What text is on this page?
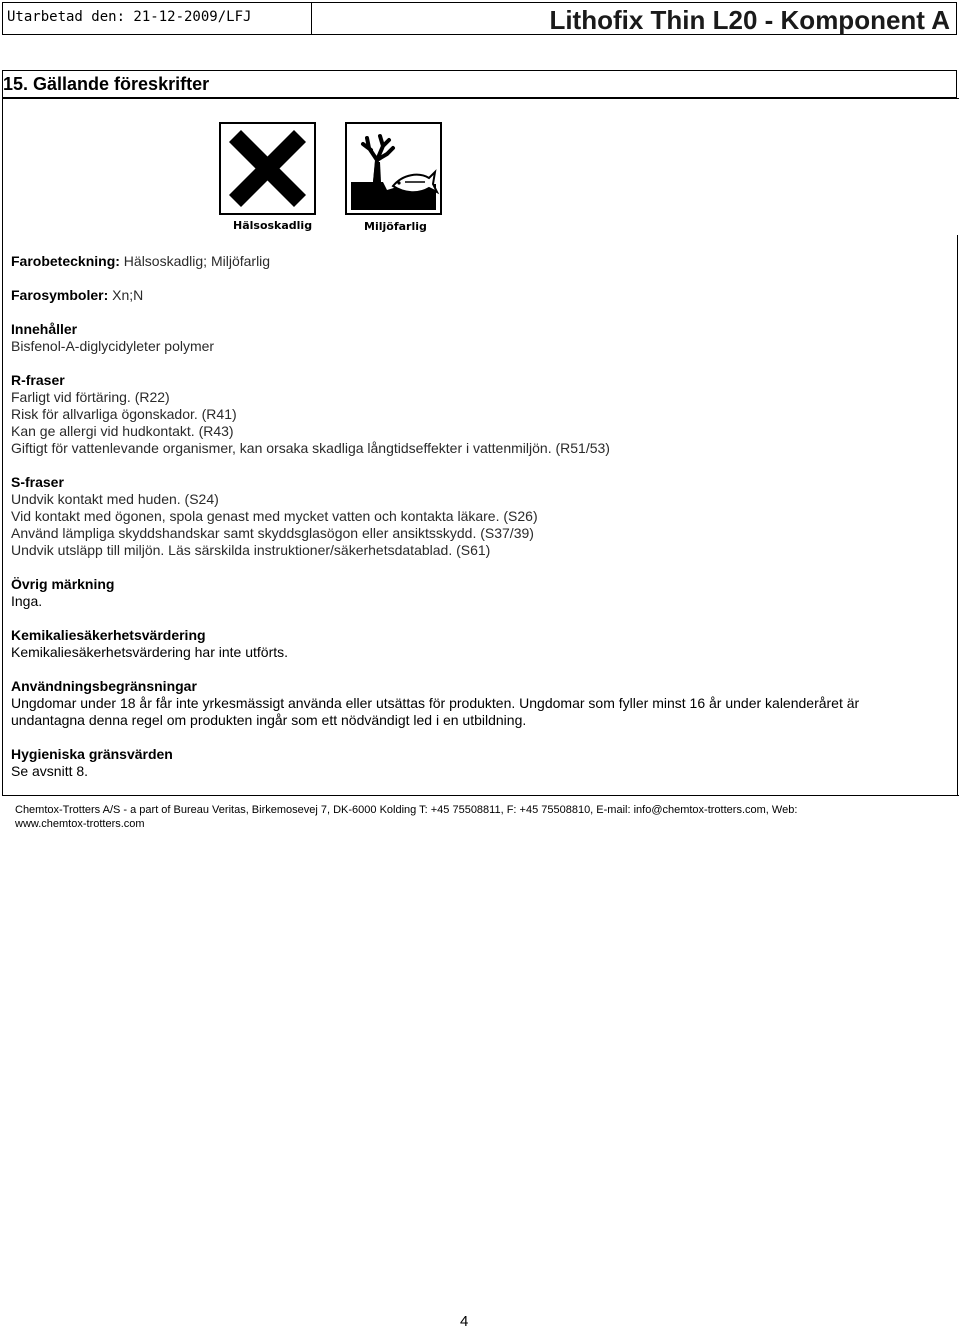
Utarbetad den: 21-12-2009/LFJ	Lithofix Thin L20 - Komponent A
15. Gällande föreskrifter
Hälsoskadlig	Miljöfarlig
Farobeteckning: Hälsoskadlig; Miljöfarlig
Farosymboler: Xn;N
Innehåller
Bisfenol-A-diglycidyleter polymer
R-fraser
Farligt vid förtäring. (R22)
Risk för allvarliga ögonskador. (R41)
Kan ge allergi vid hudkontakt. (R43)
Giftigt för vattenlevande organismer, kan orsaka skadliga långtidseffekter i vattenmiljön. (R51/53)
S-fraser
Undvik kontakt med huden. (S24)
Vid kontakt med ögonen, spola genast med mycket vatten och kontakta läkare. (S26)
Använd lämpliga skyddshandskar samt skyddsglasögon eller ansiktsskydd. (S37/39)
Undvik utsläpp till miljön. Läs särskilda instruktioner/säkerhetsdatablad. (S61)
Övrig märkning
Inga.
Kemikaliesäkerhetsvärdering
Kemikaliesäkerhetsvärdering har inte utförts.
Användningsbegränsningar
Ungdomar under 18 år får inte yrkesmässigt använda eller utsättas för produkten. Ungdomar som fyller minst 16 år under kalenderåret är
undantagna denna regel om produkten ingår som ett nödvändigt led i en utbildning.
Hygieniska gränsvärden
Se avsnitt 8.
Chemtox-Trotters A/S - a part of Bureau Veritas, Birkemosevej 7, DK-6000 Kolding T: +45 75508811, F: +45 75508810, E-mail: info@chemtox-trotters.com, Web:
www.chemtox-trotters.com
4
